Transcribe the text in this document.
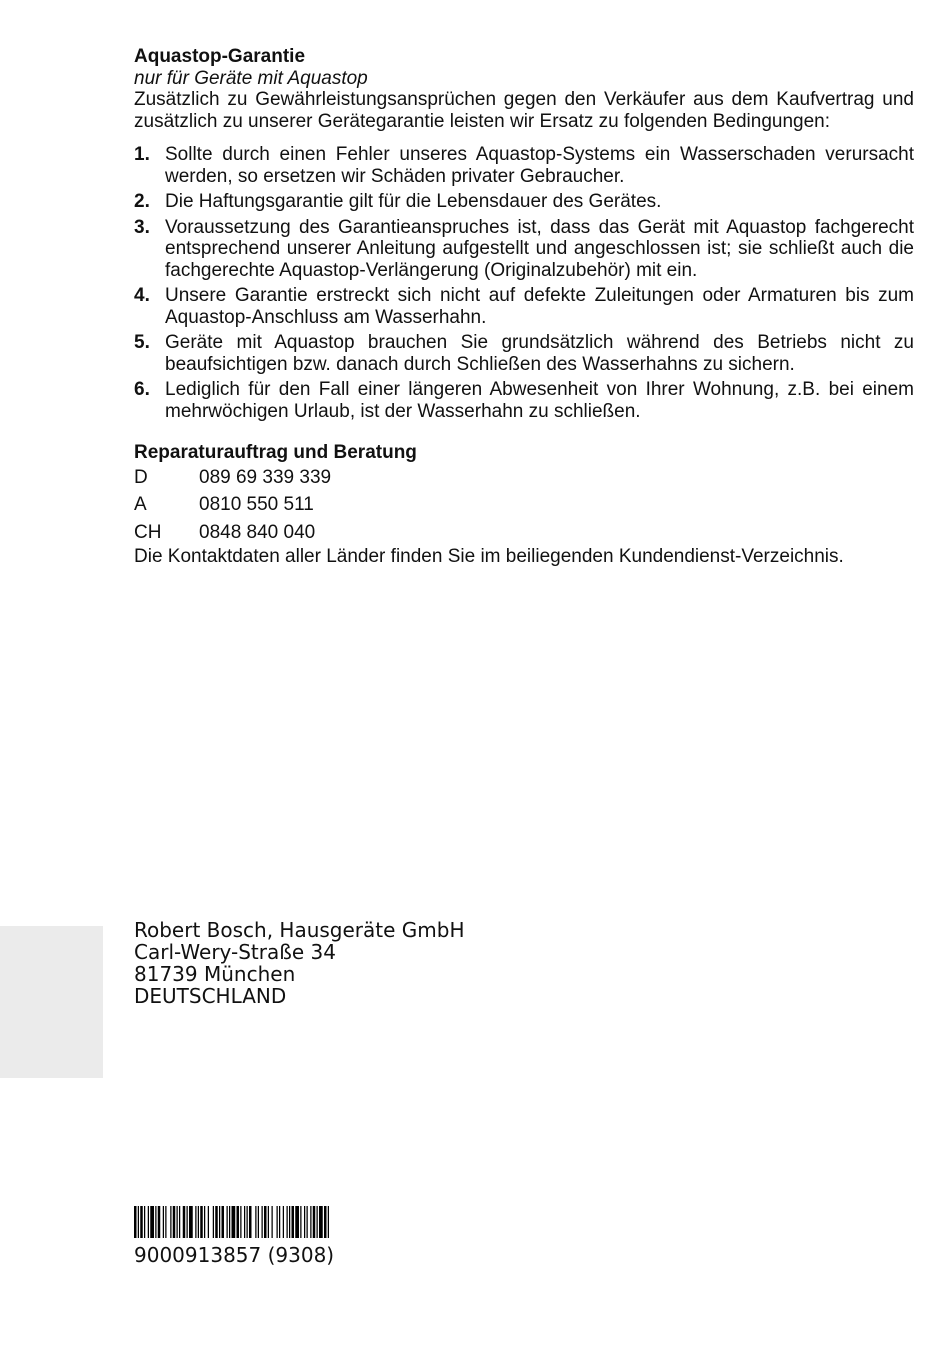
Aquastop-Garantie

nur für Geräte mit Aquastop

Zusätzlich zu Gewährleistungsansprüchen gegen den Verkäufer aus dem Kaufvertrag und zusätzlich zu unserer Gerätegarantie leisten wir Ersatz zu folgenden Bedingungen:

1. Sollte durch einen Fehler unseres Aquastop-Systems ein Wasserschaden verursacht werden, so ersetzen wir Schäden privater Gebraucher.
2. Die Haftungsgarantie gilt für die Lebensdauer des Gerätes.
3. Voraussetzung des Garantieanspruches ist, dass das Gerät mit Aquastop fachgerecht entsprechend unserer Anleitung aufgestellt und angeschlossen ist; sie schließt auch die fachgerechte Aquastop-Verlängerung (Originalzubehör) mit ein.
4. Unsere Garantie erstreckt sich nicht auf defekte Zuleitungen oder Armaturen bis zum Aquastop-Anschluss am Wasserhahn.
5. Geräte mit Aquastop brauchen Sie grundsätzlich während des Betriebs nicht zu beaufsichtigen bzw. danach durch Schließen des Wasserhahns zu sichern.
6. Lediglich für den Fall einer längeren Abwesenheit von Ihrer Wohnung, z.B. bei einem mehrwöchigen Urlaub, ist der Wasserhahn zu schließen.

Reparaturauftrag und Beratung

D	089 69 339 339
A	0810 550 511
CH	0848 840 040

Die Kontaktdaten aller Länder finden Sie im beiliegenden Kundendienst-Verzeichnis.

Robert Bosch, Hausgeräte GmbH
Carl-Wery-Straße 34
81739 München
DEUTSCHLAND
9000913857 (9308)
